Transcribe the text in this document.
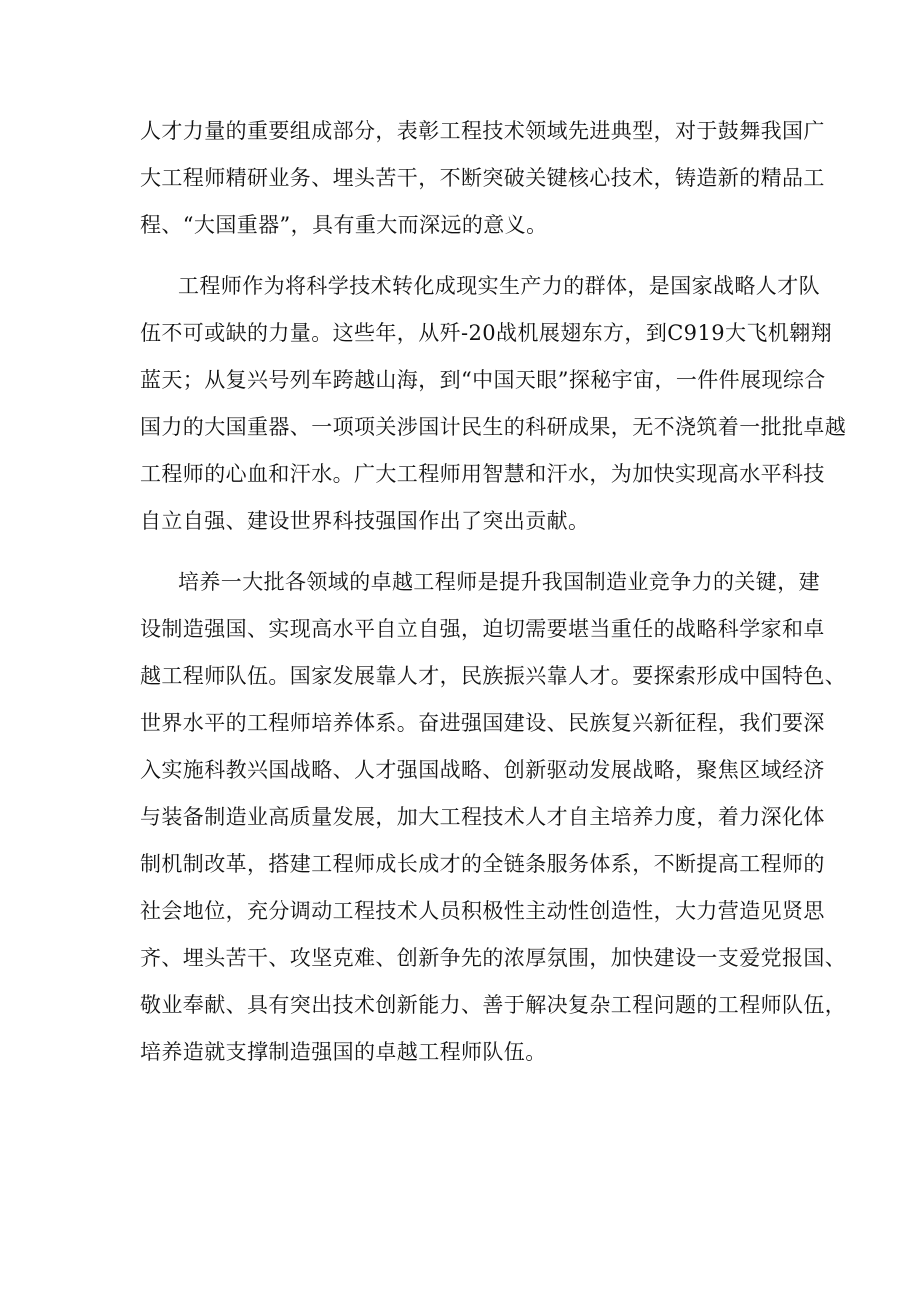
人才力量的重要组成部分，表彰工程技术领域先进典型，对于鼓舞我国广
大工程师精研业务、埋头苦干，不断突破关键核心技术，铸造新的精品工
程、“大国重器”，具有重大而深远的意义。
工程师作为将科学技术转化成现实生产力的群体，是国家战略人才队
伍不可或缺的力量。这些年，从歼-20战机展翅东方，到C919大飞机翱翔
蓝天；从复兴号列车跨越山海，到“中国天眼”探秘宇宙，一件件展现综合
国力的大国重器、一项项关涉国计民生的科研成果，无不浇筑着一批批卓越
工程师的心血和汗水。广大工程师用智慧和汗水，为加快实现高水平科技
自立自强、建设世界科技强国作出了突出贡献。
培养一大批各领域的卓越工程师是提升我国制造业竞争力的关键，建
设制造强国、实现高水平自立自强，迫切需要堪当重任的战略科学家和卓
越工程师队伍。国家发展靠人才，民族振兴靠人才。要探索形成中国特色、
世界水平的工程师培养体系。奋进强国建设、民族复兴新征程，我们要深
入实施科教兴国战略、人才强国战略、创新驱动发展战略，聚焦区域经济
与装备制造业高质量发展，加大工程技术人才自主培养力度，着力深化体
制机制改革，搭建工程师成长成才的全链条服务体系，不断提高工程师的
社会地位，充分调动工程技术人员积极性主动性创造性，大力营造见贤思
齐、埋头苦干、攻坚克难、创新争先的浓厚氛围，加快建设一支爱党报国、
敬业奉献、具有突出技术创新能力、善于解决复杂工程问题的工程师队伍，
培养造就支撑制造强国的卓越工程师队伍。
